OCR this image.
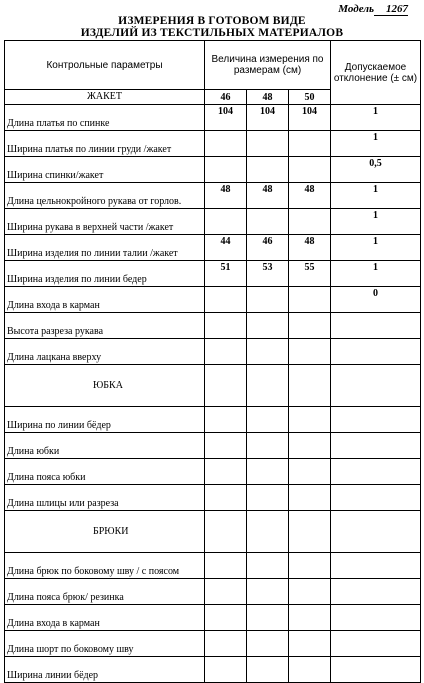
Модель 1267
ИЗМЕРЕНИЯ В ГОТОВОМ ВИДЕ
ИЗДЕЛИЙ ИЗ ТЕКСТИЛЬНЫХ МАТЕРИАЛОВ
Контрольные параметры	Величина измерения по размерам (см)			Допускаемое отклонение (± см)
ЖАКЕТ	46	48	50	
Длина платья по спинке	104	104	104	1
Ширина платья по линии груди /жакет				1
Ширина спинки/жакет				0,5
Длина цельнокройного рукава от горлов.	48	48	48	1
Ширина рукава в верхней части /жакет				1
Ширина изделия по линии талии /жакет	44	46	48	1
Ширина изделия по линии бедер	51	53	55	1
Длина входа в карман				0
Высота разреза рукава				
Длина лацкана вверху				
ЮБКА				
Ширина по линии бёдер				
Длина юбки				
Длина пояса юбки				
Длина шлицы или разреза				
БРЮКИ				
Длина брюк по боковому шву / с поясом				
Длина пояса брюк/ резинка				
Длина входа в карман				
Длина шорт по боковому шву				
Ширина линии бёдер				
